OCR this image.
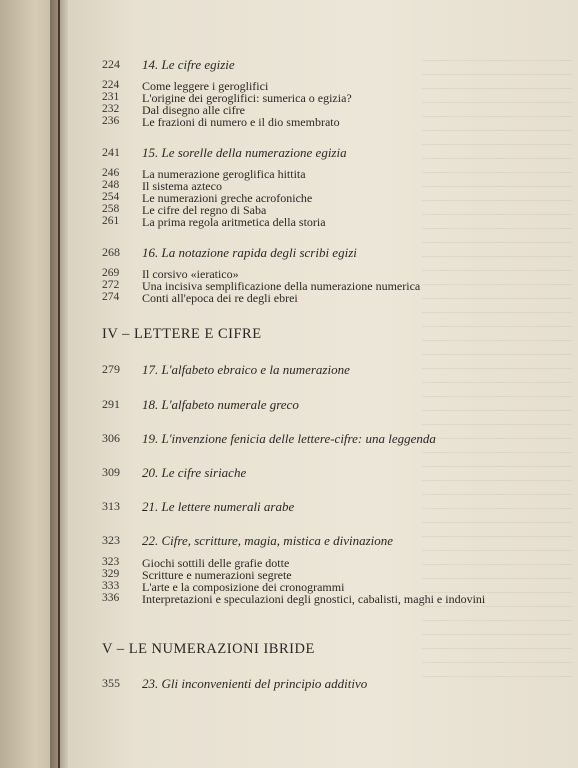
224	14. Le cifre egizie
224	Come leggere i geroglifici
231	L'origine dei geroglifici: sumerica o egizia?
232	Dal disegno alle cifre
236	Le frazioni di numero e il dio smembrato
241	15. Le sorelle della numerazione egizia
246	La numerazione geroglifica hittita
248	Il sistema azteco
254	Le numerazioni greche acrofoniche
258	Le cifre del regno di Saba
261	La prima regola aritmetica della storia
268	16. La notazione rapida degli scribi egizi
269	Il corsivo «ieratico»
272	Una incisiva semplificazione della numerazione numerica
274	Conti all'epoca dei re degli ebrei
279	17. L'alfabeto ebraico e la numerazione
291	18. L'alfabeto numerale greco
306	19. L'invenzione fenicia delle lettere-cifre: una leggenda
309	20. Le cifre siriache
313	21. Le lettere numerali arabe
323	22. Cifre, scritture, magia, mistica e divinazione
323	Giochi sottili delle grafie dotte
329	Scritture e numerazioni segrete
333	L'arte e la composizione dei cronogrammi
336	Interpretazioni e speculazioni degli gnostici, cabalisti, maghi e indovini
355	23. Gli inconvenienti del principio additivo
IV – LETTERE E CIFRE
V – LE NUMERAZIONI IBRIDE
